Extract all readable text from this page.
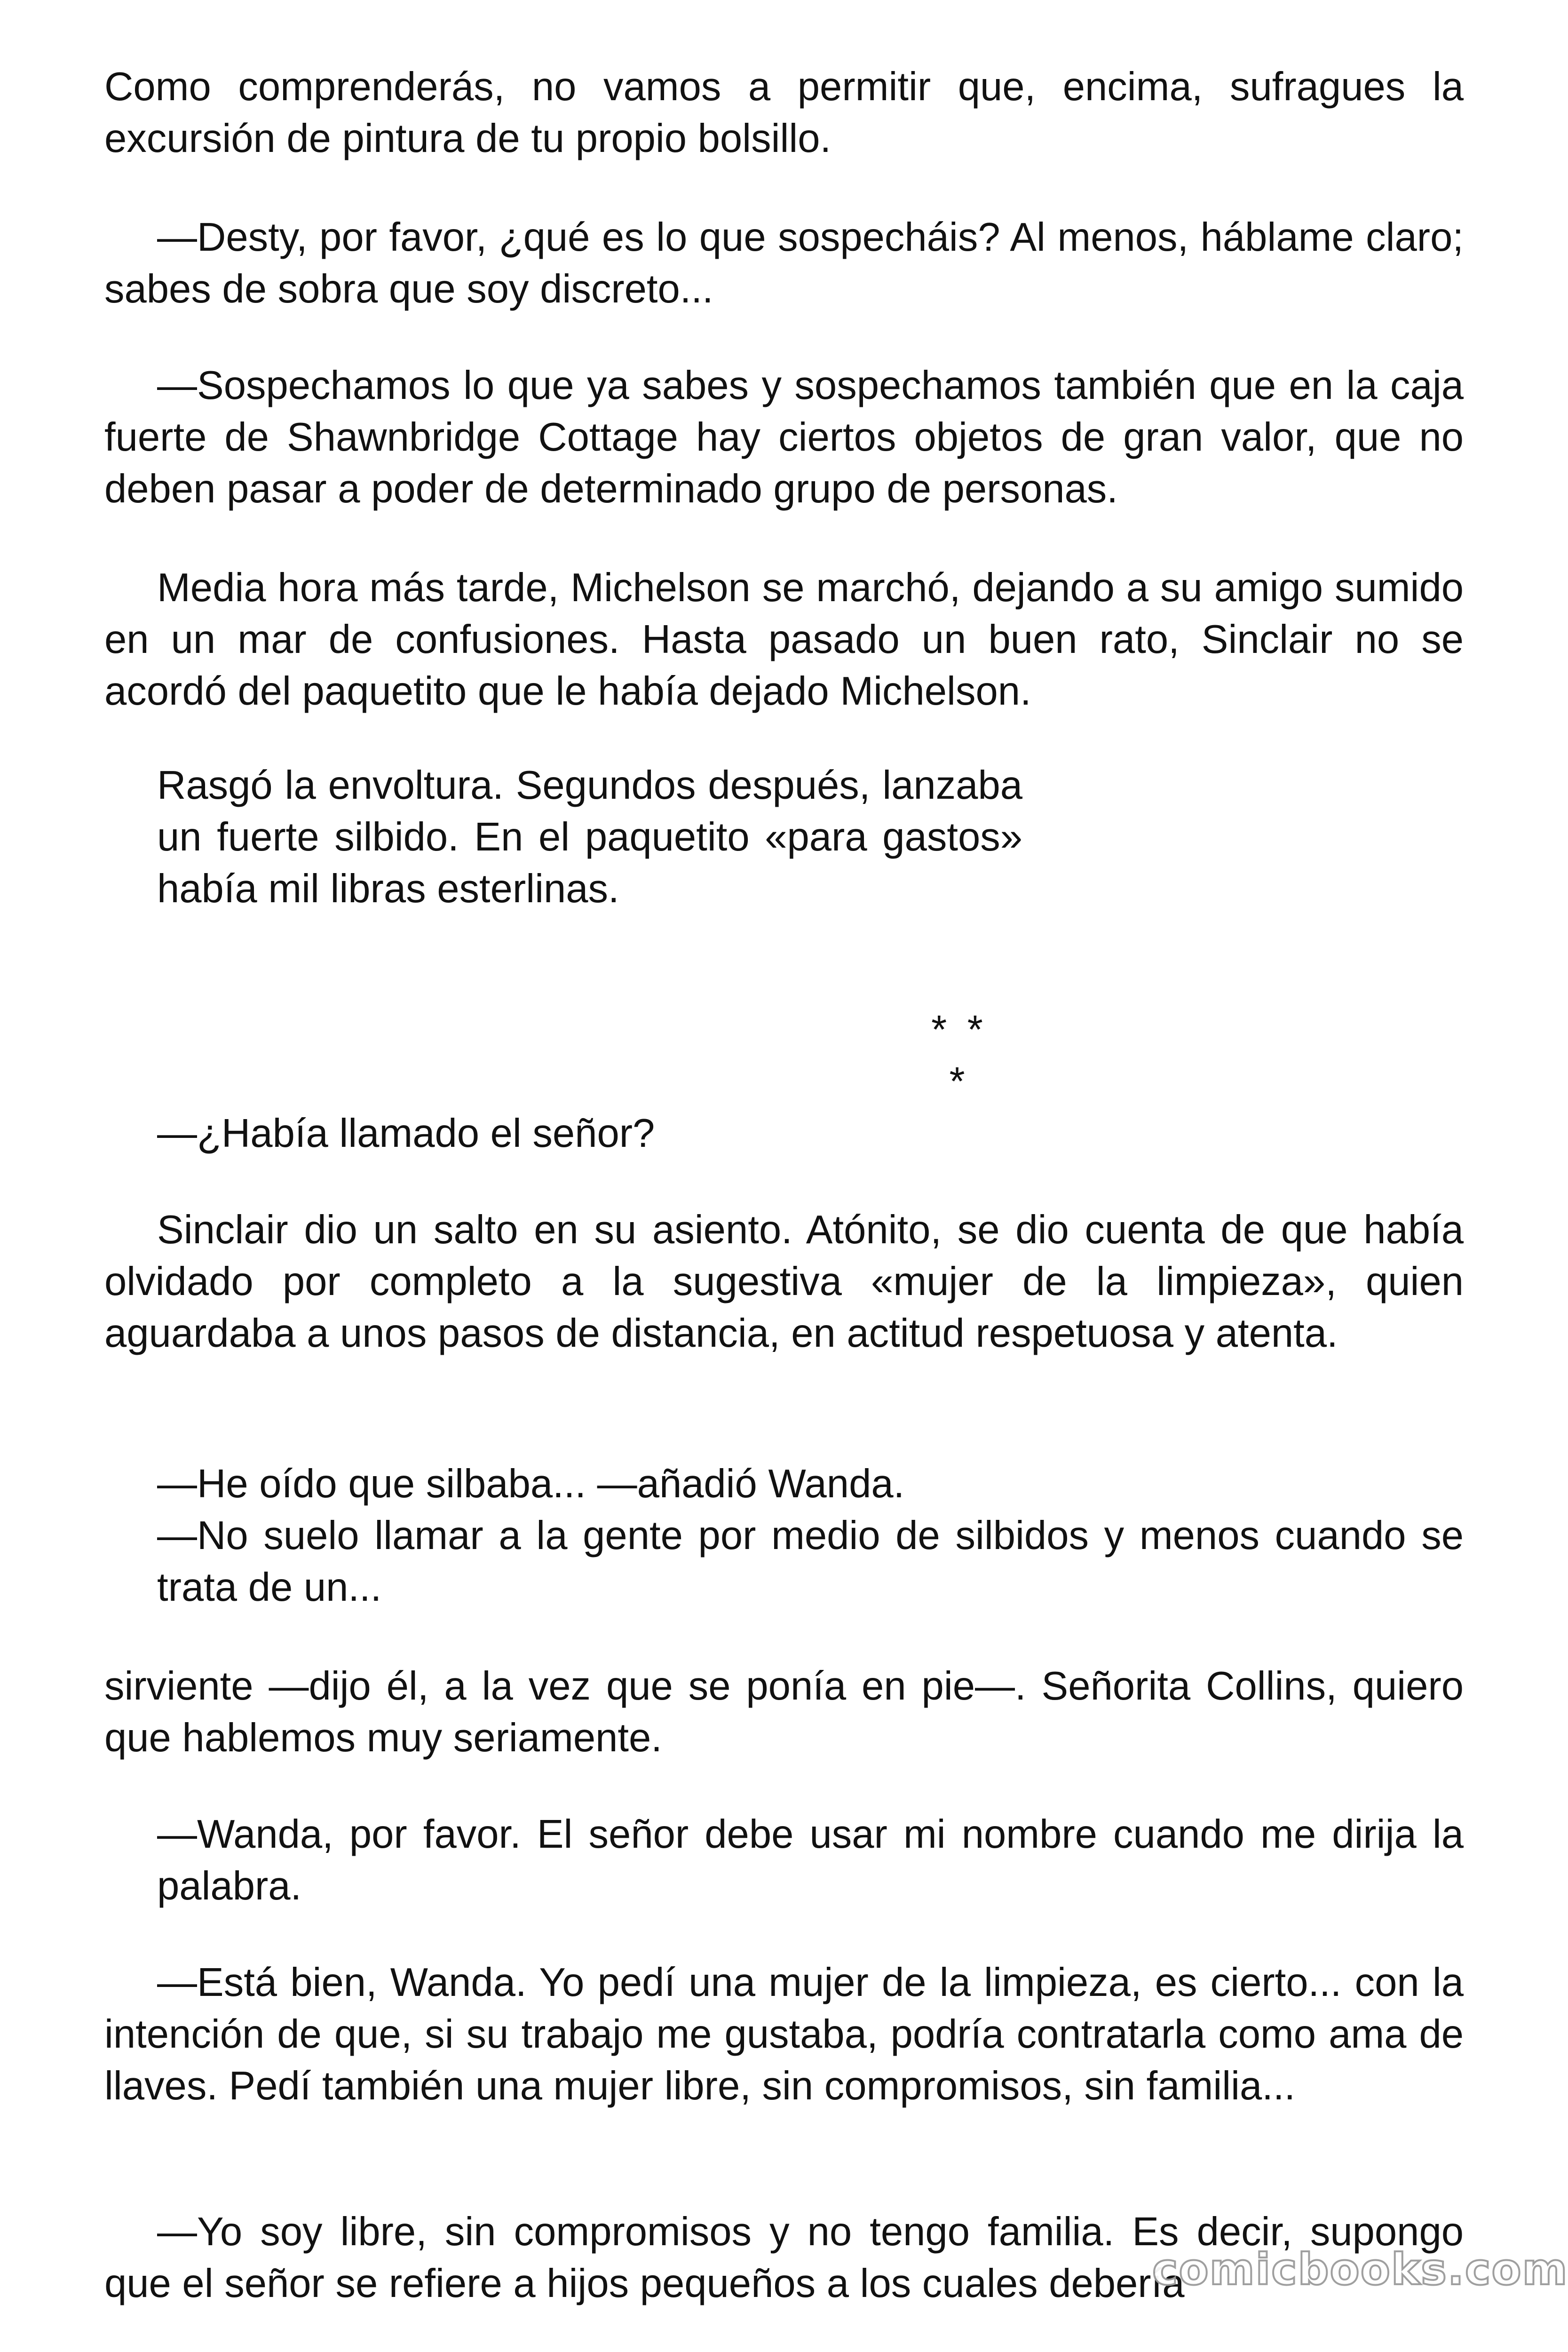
Como comprenderás, no vamos a permitir que, encima, sufragues la excursión de pintura de tu propio bolsillo.

—Desty, por favor, ¿qué es lo que sospecháis? Al menos, háblame claro; sabes de sobra que soy discreto...

—Sospechamos lo que ya sabes y sospechamos también que en la caja fuerte de Shawnbridge Cottage hay ciertos objetos de gran valor, que no deben pasar a poder de determinado grupo de personas.

Media hora más tarde, Michelson se marchó, dejando a su amigo sumido en un mar de confusiones. Hasta pasado un buen rato, Sinclair no se acordó del paquetito que le había dejado Michelson.

Rasgó la envoltura. Segundos después, lanzaba un fuerte silbido. En el paquetito «para gastos» había mil libras esterlinas.

* * *

—¿Había llamado el señor?

Sinclair dio un salto en su asiento. Atónito, se dio cuenta de que había olvidado por completo a la sugestiva «mujer de la limpieza», quien aguardaba a unos pasos de distancia, en actitud respetuosa y atenta.

—He oído que silbaba... —añadió Wanda.

—No suelo llamar a la gente por medio de silbidos y menos cuando se trata de un...

sirviente —dijo él, a la vez que se ponía en pie—. Señorita Collins, quiero que hablemos muy seriamente.

—Wanda, por favor. El señor debe usar mi nombre cuando me dirija la palabra.

—Está bien, Wanda. Yo pedí una mujer de la limpieza, es cierto... con la intención de que, si su trabajo me gustaba, podría contratarla como ama de llaves. Pedí también una mujer libre, sin compromisos, sin familia...

—Yo soy libre, sin compromisos y no tengo familia. Es decir, supongo que el señor se refiere a hijos pequeños a los cuales debería

comicbooks.com
